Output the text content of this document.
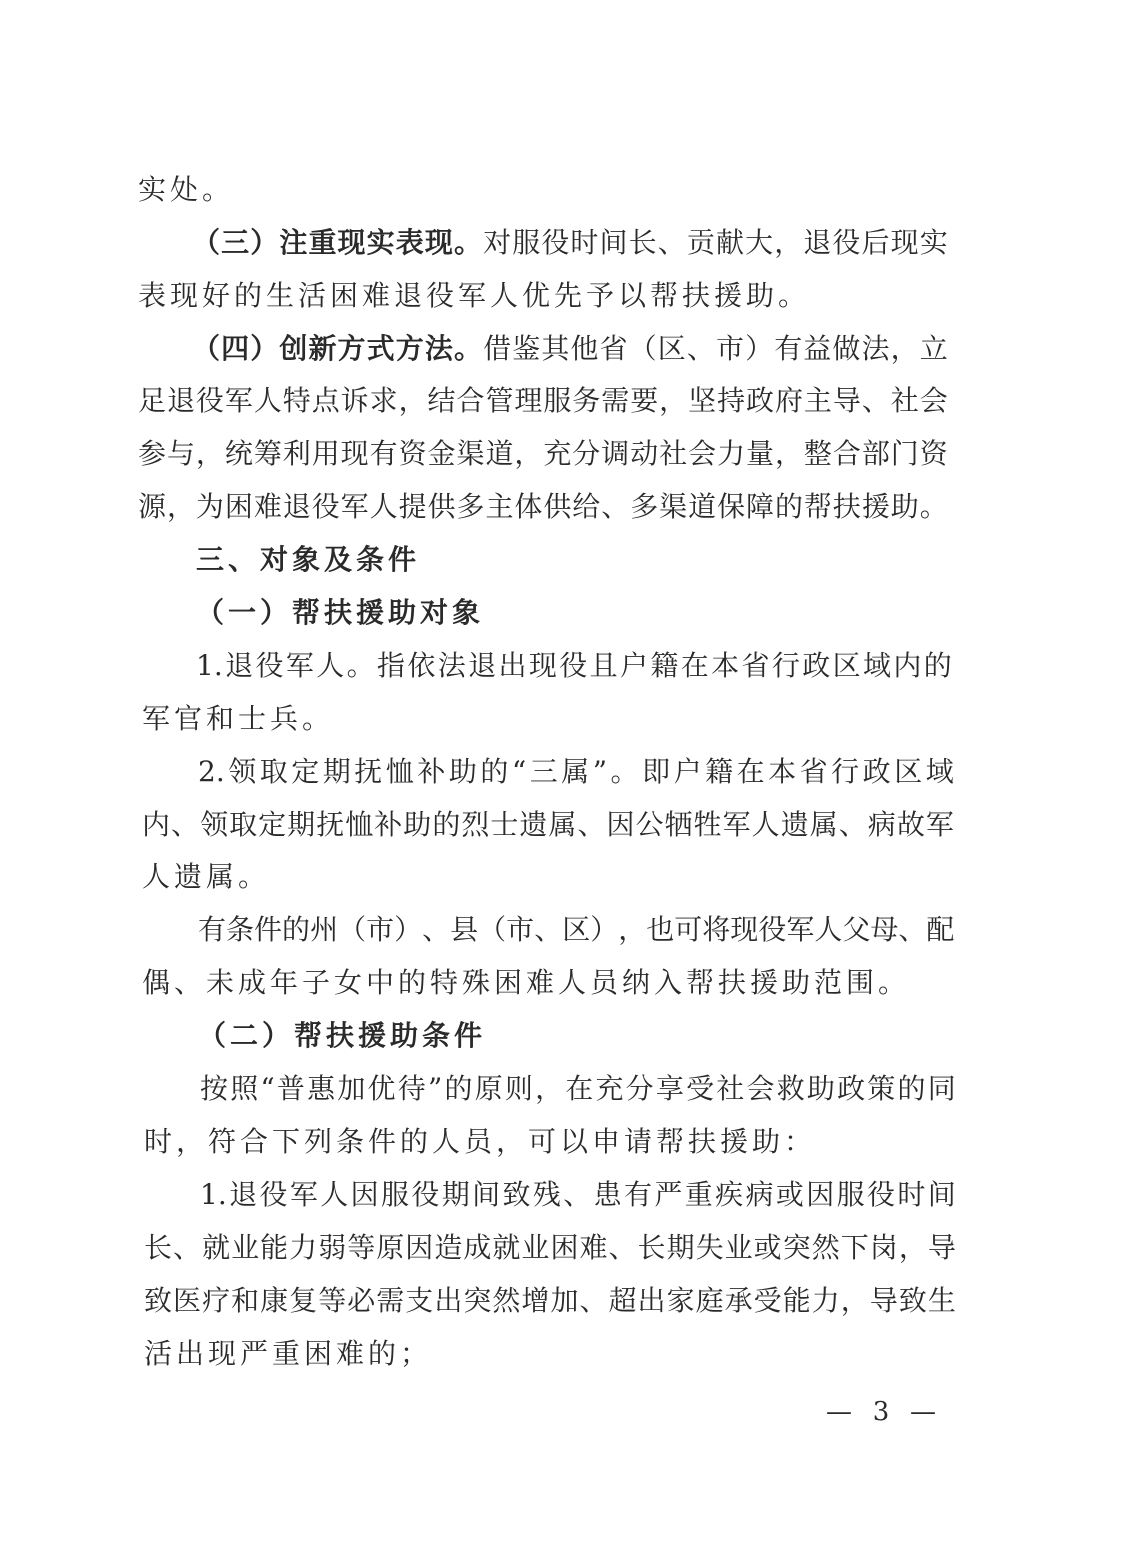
实处。
（ 三 ） 注 重 现 实 表 现 。 对 服 役 时 间 长 、 贡 献 大 ， 退 役 后 现 实
表现好的生活困难退役军人优先予以帮扶援助。
（ 四 ） 创 新 方 式 方 法 。 借 鉴 其 他 省 （ 区 、 市 ） 有 益 做 法 ， 立
足 退 役 军 人 特 点 诉 求 ， 结 合 管 理 服 务 需 要 ， 坚 持 政 府 主 导 、 社 会
参 与 ， 统 筹 利 用 现 有 资 金 渠 道 ， 充 分 调 动 社 会 力 量 ， 整 合 部 门 资
源 ， 为 困 难 退 役 军 人 提 供 多 主 体 供 给 、 多 渠 道 保 障 的 帮 扶 援 助 。
三、对象及条件
（一）帮扶援助对象
1. 退 役 军 人 。 指 依 法 退 出 现 役 且 户 籍 在 本 省 行 政 区 域 内 的
军官和士兵。
2. 领 取 定 期 抚 恤 补 助 的 “ 三 属 ” 。 即 户 籍 在 本 省 行 政 区 域
内 、 领 取 定 期 抚 恤 补 助 的 烈 士 遗 属 、 因 公 牺 牲 军 人 遗 属 、 病 故 军
人遗属。
有 条 件 的 州 （ 市 ） 、 县 （ 市 、 区 ） ， 也 可 将 现 役 军 人 父 母 、 配
偶、未成年子女中的特殊困难人员纳入帮扶援助范围。
（二）帮扶援助条件
按 照 “ 普 惠 加 优 待 ” 的 原 则 ， 在 充 分 享 受 社 会 救 助 政 策 的 同
时，符合下列条件的人员，可以申请帮扶援助：
1. 退 役 军 人 因 服 役 期 间 致 残 、 患 有 严 重 疾 病 或 因 服 役 时 间
长 、 就 业 能 力 弱 等 原 因 造 成 就 业 困 难 、 长 期 失 业 或 突 然 下 岗 ， 导
致 医 疗 和 康 复 等 必 需 支 出 突 然 增 加 、 超 出 家 庭 承 受 能 力 ， 导 致 生
活出现严重困难的；
— 3 —
